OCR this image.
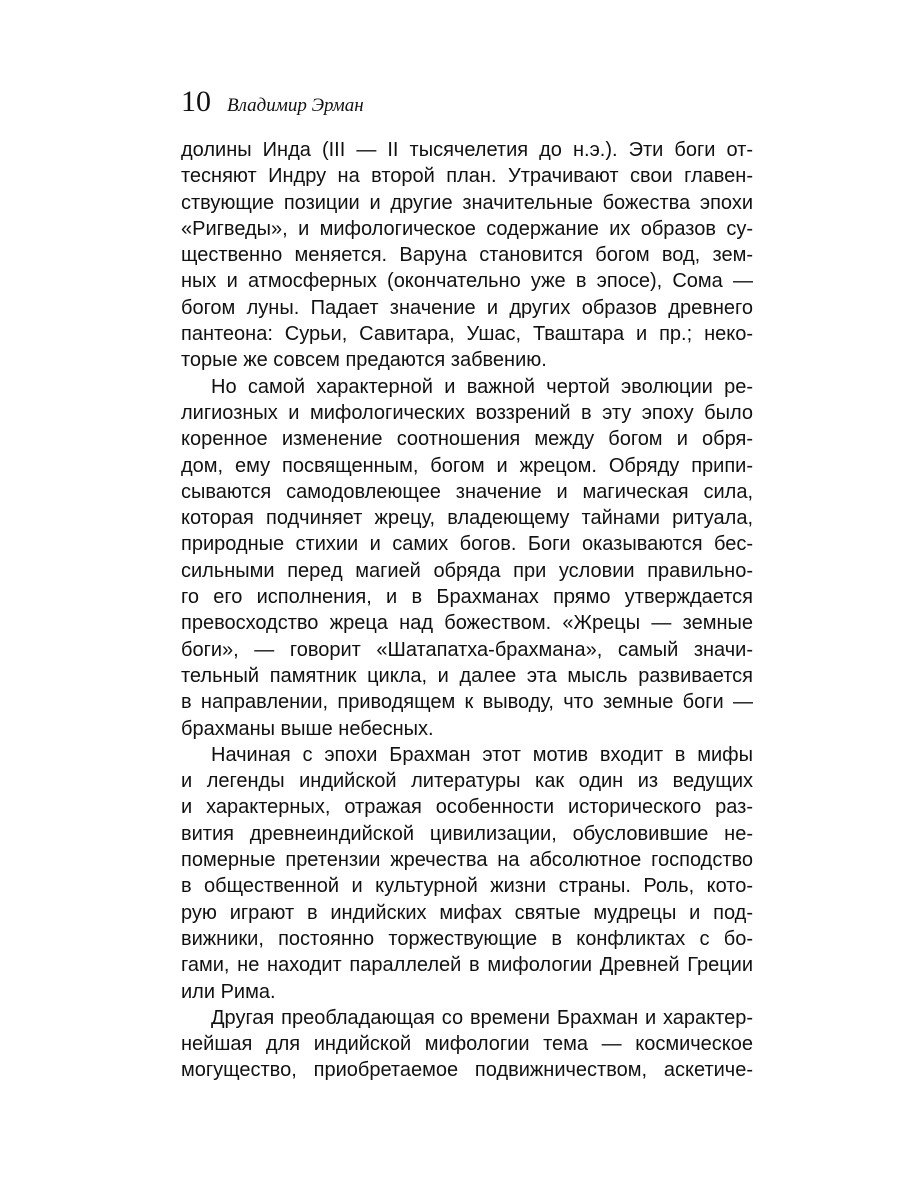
10 Владимир Эрман
долины Инда (III — II тысячелетия до н.э.). Эти боги от-
тесняют Индру на второй план. Утрачивают свои главен-
ствующие позиции и другие значительные божества эпохи
«Ригведы», и мифологическое содержание их образов су-
щественно меняется. Варуна становится богом вод, зем-
ных и атмосферных (окончательно уже в эпосе), Сома —
богом луны. Падает значение и других образов древнего
пантеона: Сурьи, Савитара, Ушас, Тваштара и пр.; неко-
торые же совсем предаются забвению.
Но самой характерной и важной чертой эволюции ре-
лигиозных и мифологических воззрений в эту эпоху было
коренное изменение соотношения между богом и обря-
дом, ему посвященным, богом и жрецом. Обряду припи-
сываются самодовлеющее значение и магическая сила,
которая подчиняет жрецу, владеющему тайнами ритуала,
природные стихии и самих богов. Боги оказываются бес-
сильными перед магией обряда при условии правильно-
го его исполнения, и в Брахманах прямо утверждается
превосходство жреца над божеством. «Жрецы — земные
боги», — говорит «Шатапатха-брахмана», самый значи-
тельный памятник цикла, и далее эта мысль развивается
в направлении, приводящем к выводу, что земные боги —
брахманы выше небесных.
Начиная с эпохи Брахман этот мотив входит в мифы
и легенды индийской литературы как один из ведущих
и характерных, отражая особенности исторического раз-
вития древнеиндийской цивилизации, обусловившие не-
померные претензии жречества на абсолютное господство
в общественной и культурной жизни страны. Роль, кото-
рую играют в индийских мифах святые мудрецы и под-
вижники, постоянно торжествующие в конфликтах с бо-
гами, не находит параллелей в мифологии Древней Греции
или Рима.
Другая преобладающая со времени Брахман и характер-
нейшая для индийской мифологии тема — космическое
могущество, приобретаемое подвижничеством, аскетиче-
